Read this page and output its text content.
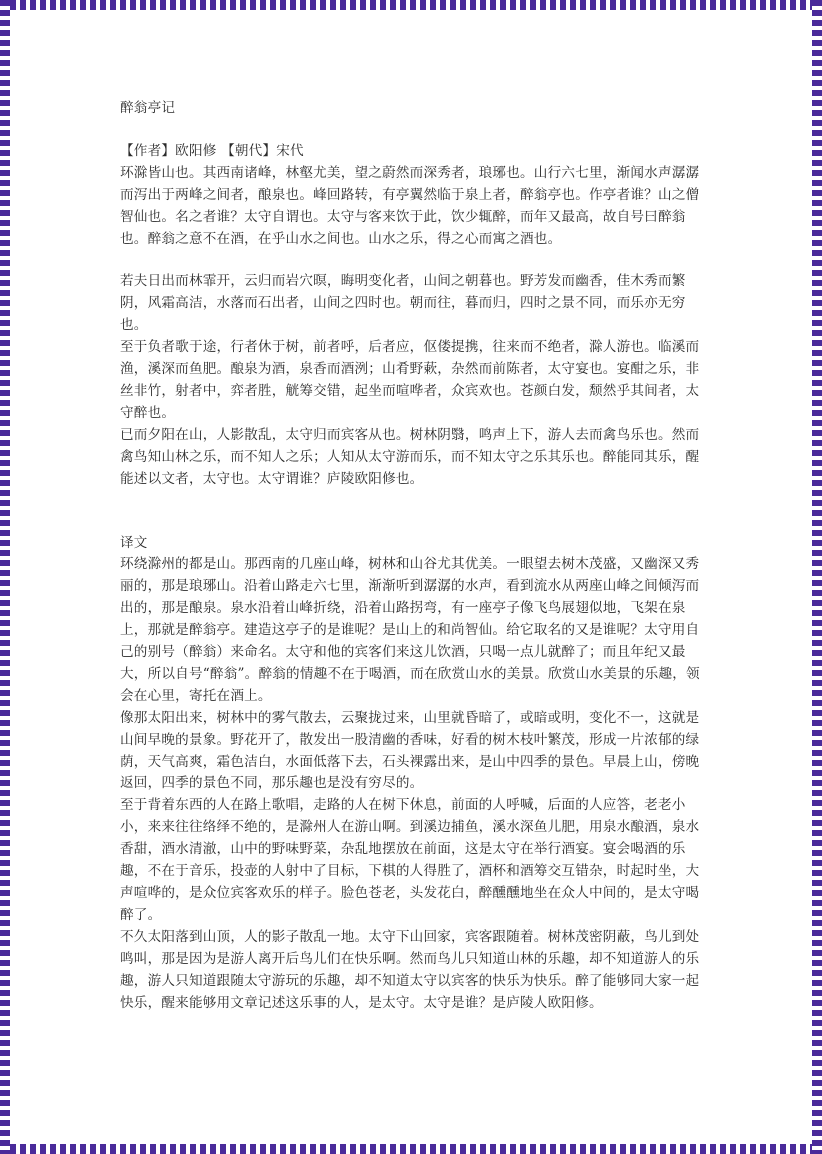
醉翁亭记

【作者】欧阳修 【朝代】宋代

环滁皆山也。其西南诸峰，林壑尤美，望之蔚然而深秀者，琅琊也。山行六七里，渐闻水声潺潺而泻出于两峰之间者，酿泉也。峰回路转，有亭翼然临于泉上者，醉翁亭也。作亭者谁？山之僧智仙也。名之者谁？太守自谓也。太守与客来饮于此，饮少辄醉，而年又最高，故自号曰醉翁也。醉翁之意不在酒，在乎山水之间也。山水之乐，得之心而寓之酒也。

若夫日出而林霏开，云归而岩穴暝，晦明变化者，山间之朝暮也。野芳发而幽香，佳木秀而繁阴，风霜高洁，水落而石出者，山间之四时也。朝而往，暮而归，四时之景不同，而乐亦无穷也。

至于负者歌于途，行者休于树，前者呼，后者应，伛偻提携，往来而不绝者，滁人游也。临溪而渔，溪深而鱼肥。酿泉为酒，泉香而酒洌；山肴野蔌，杂然而前陈者，太守宴也。宴酣之乐，非丝非竹，射者中，弈者胜，觥筹交错，起坐而喧哗者，众宾欢也。苍颜白发，颓然乎其间者，太守醉也。

已而夕阳在山，人影散乱，太守归而宾客从也。树林阴翳，鸣声上下，游人去而禽鸟乐也。然而禽鸟知山林之乐，而不知人之乐；人知从太守游而乐，而不知太守之乐其乐也。醉能同其乐，醒能述以文者，太守也。太守谓谁？庐陵欧阳修也。

译文

环绕滁州的都是山。那西南的几座山峰，树林和山谷尤其优美。一眼望去树木茂盛，又幽深又秀丽的，那是琅琊山。沿着山路走六七里，渐渐听到潺潺的水声，看到流水从两座山峰之间倾泻而出的，那是酿泉。泉水沿着山峰折绕，沿着山路拐弯，有一座亭子像飞鸟展翅似地，飞架在泉上，那就是醉翁亭。建造这亭子的是谁呢？是山上的和尚智仙。给它取名的又是谁呢？太守用自己的别号（醉翁）来命名。太守和他的宾客们来这儿饮酒，只喝一点儿就醉了；而且年纪又最大，所以自号“醉翁”。醉翁的情趣不在于喝酒，而在欣赏山水的美景。欣赏山水美景的乐趣，领会在心里，寄托在酒上。

像那太阳出来，树林中的雾气散去，云聚拢过来，山里就昏暗了，或暗或明，变化不一，这就是山间早晚的景象。野花开了，散发出一股清幽的香味，好看的树木枝叶繁茂，形成一片浓郁的绿荫，天气高爽，霜色洁白，水面低落下去，石头裸露出来，是山中四季的景色。早晨上山，傍晚返回，四季的景色不同，那乐趣也是没有穷尽的。

至于背着东西的人在路上歌唱，走路的人在树下休息，前面的人呼喊，后面的人应答，老老小小，来来往往络绎不绝的，是滁州人在游山啊。到溪边捕鱼，溪水深鱼儿肥，用泉水酿酒，泉水香甜，酒水清澈，山中的野味野菜，杂乱地摆放在前面，这是太守在举行酒宴。宴会喝酒的乐趣，不在于音乐，投壶的人射中了目标，下棋的人得胜了，酒杯和酒筹交互错杂，时起时坐，大声喧哗的，是众位宾客欢乐的样子。脸色苍老，头发花白，醉醺醺地坐在众人中间的，是太守喝醉了。

不久太阳落到山顶，人的影子散乱一地。太守下山回家，宾客跟随着。树林茂密阴蔽，鸟儿到处鸣叫，那是因为是游人离开后鸟儿们在快乐啊。然而鸟儿只知道山林的乐趣，却不知道游人的乐趣，游人只知道跟随太守游玩的乐趣，却不知道太守以宾客的快乐为快乐。醉了能够同大家一起快乐，醒来能够用文章记述这乐事的人，是太守。太守是谁？是庐陵人欧阳修。
